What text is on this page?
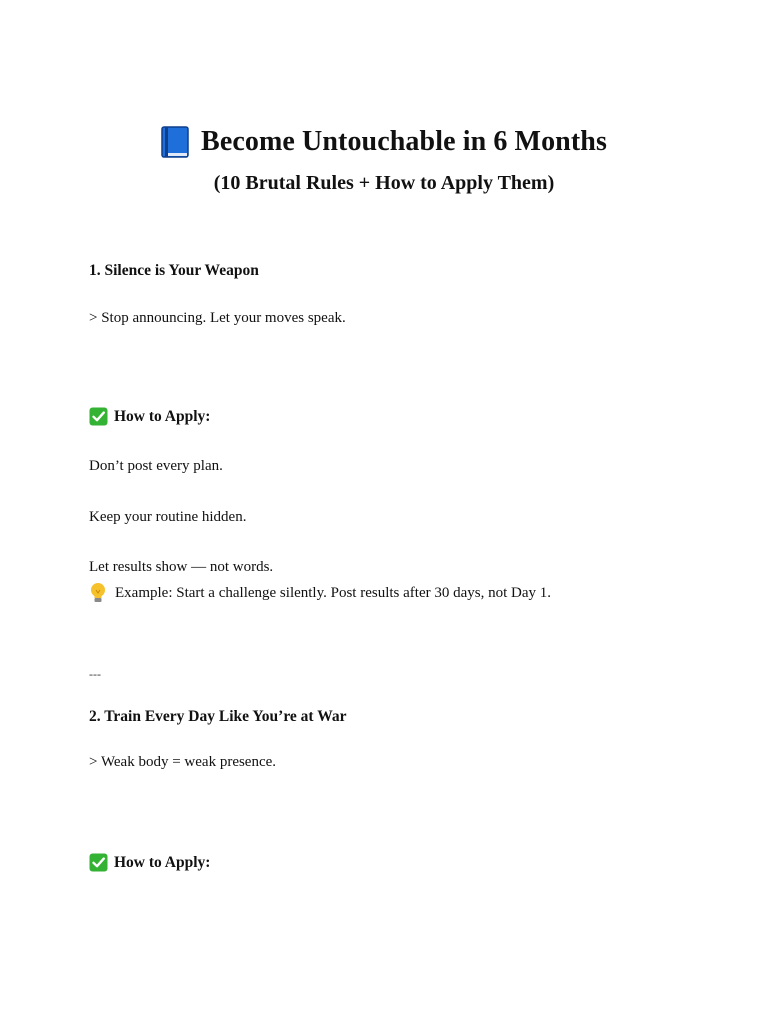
Become Untouchable in 6 Months
(10 Brutal Rules + How to Apply Them)
1. Silence is Your Weapon
> Stop announcing. Let your moves speak.
How to Apply:
Don’t post every plan.
Keep your routine hidden.
Let results show — not words.
Example: Start a challenge silently. Post results after 30 days, not Day 1.
---
2. Train Every Day Like You’re at War
> Weak body = weak presence.
How to Apply:
